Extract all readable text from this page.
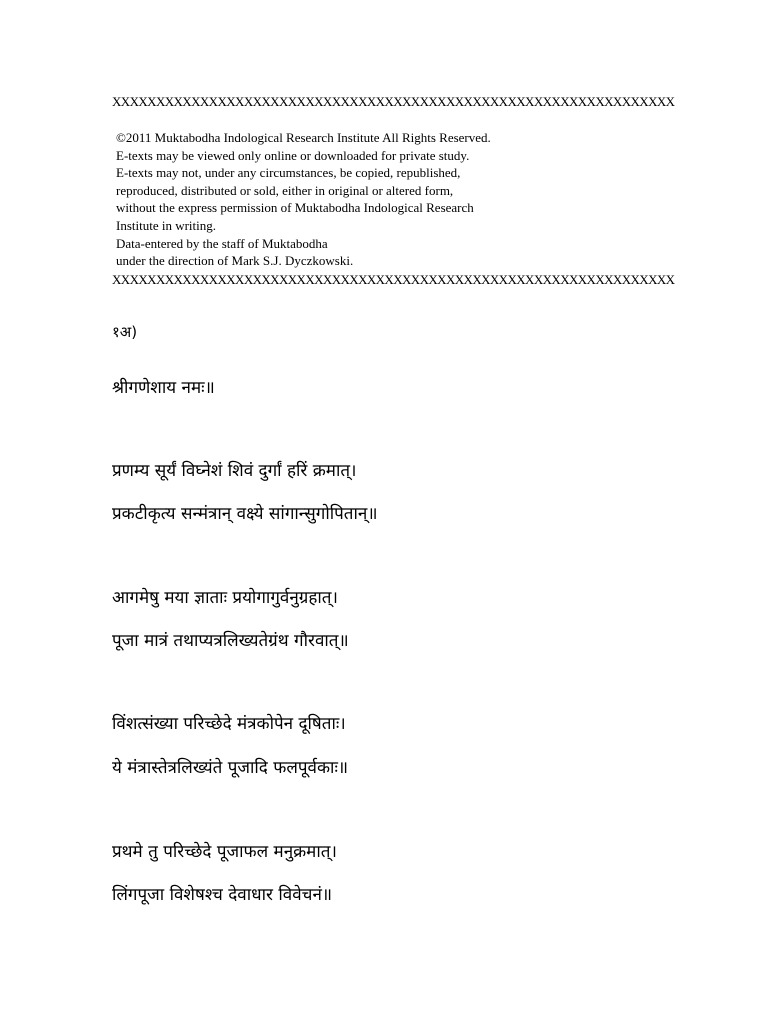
XXXXXXXXXXXXXXXXXXXXXXXXXXXXXXXXXXXXXXXXXXXXXXXXXXXXXXXXXXXXXXXX
©2011 Muktabodha Indological Research Institute All Rights Reserved.
E-texts may be viewed only online or downloaded for private study.
E-texts may not, under any circumstances, be copied, republished,
reproduced, distributed or sold, either in original or altered form,
without the express permission of Muktabodha Indological Research
Institute in writing.
Data-entered by the staff of Muktabodha
under the direction of Mark S.J. Dyczkowski.
XXXXXXXXXXXXXXXXXXXXXXXXXXXXXXXXXXXXXXXXXXXXXXXXXXXXXXXXXXXXXXXX
१अ)
श्रीगणेशाय नमः॥
प्रणम्य सूर्यं विघ्नेशं शिवं दुर्गां हरिं क्रमात्।
प्रकटीकृत्य सन्मंत्रान् वक्ष्ये सांगान्सुगोपितान्॥
आगमेषु मया ज्ञाताः प्रयोगागुर्वनुग्रहात्।
पूजा मात्रं तथाप्यत्रलिख्यतेग्रंथ गौरवात्॥
विंशत्संख्या परिच्छेदे मंत्रकोपेन दूषिताः।
ये मंत्रास्तेत्रलिख्यंते पूजादि फलपूर्वकाः॥
प्रथमे तु परिच्छेदे पूजाफल मनुक्रमात्।
लिंगपूजा विशेषश्च देवाधार विवेचनं॥
